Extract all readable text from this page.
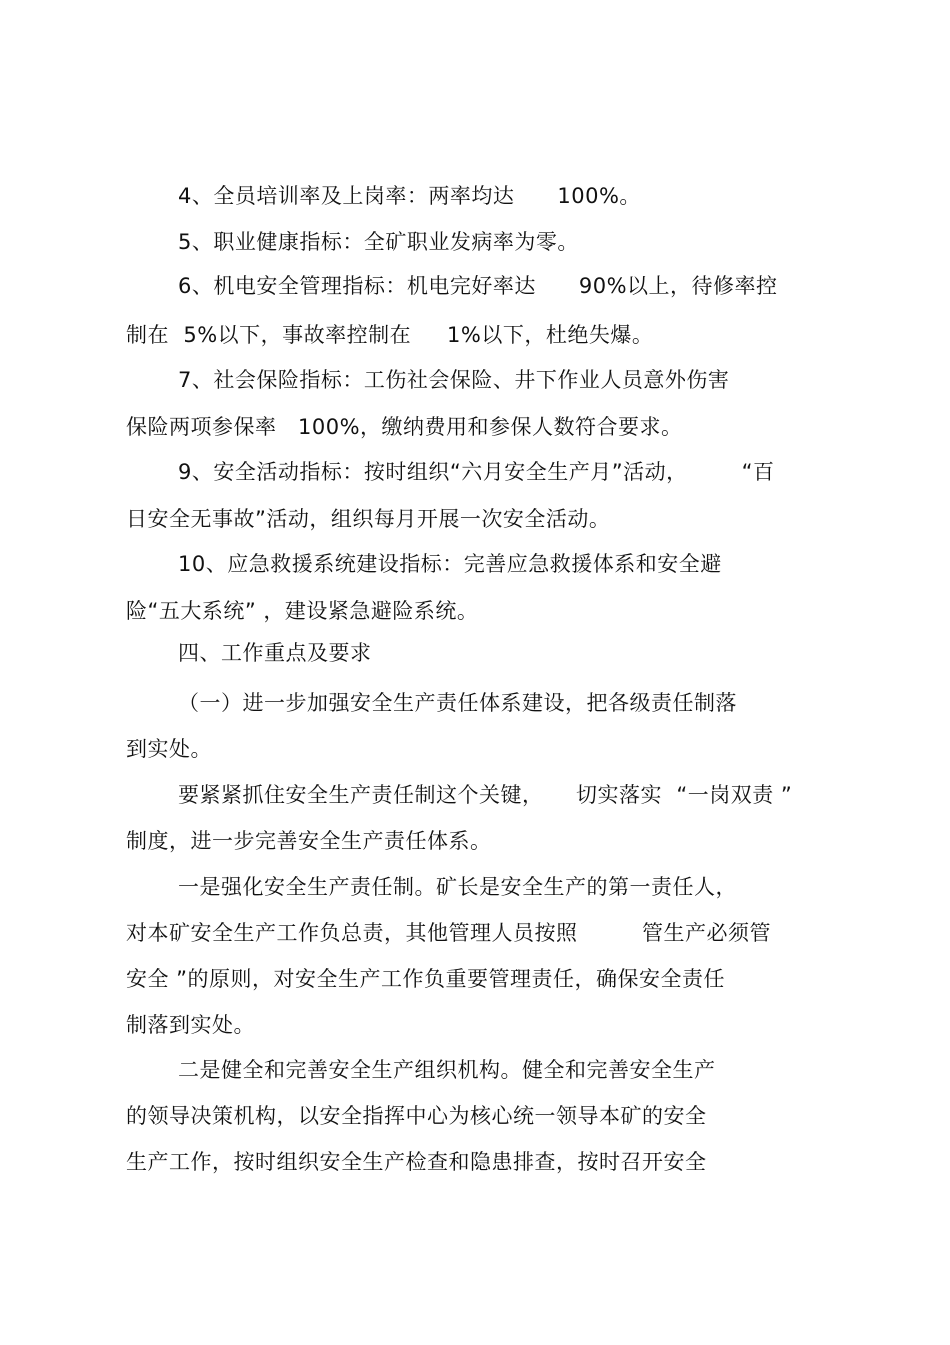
4、全员培训率及上岗率：两率均达　　100%。
5、职业健康指标：全矿职业发病率为零。
6、机电安全管理指标：机电完好率达　　90%以上，待修率控
制在  5%以下，事故率控制在　  1%以下，杜绝失爆。
7、社会保险指标：工伤社会保险、井下作业人员意外伤害
保险两项参保率　100%，缴纳费用和参保人数符合要求。
9、安全活动指标：按时组织“六月安全生产月”活动，　　　“百
日安全无事故”活动，组织每月开展一次安全活动。
10、应急救援系统建设指标：完善应急救援体系和安全避
险“五大系统” ，建设紧急避险系统。
四、工作重点及要求
（一）进一步加强安全生产责任体系建设，把各级责任制落
到实处。
要紧紧抓住安全生产责任制这个关键，　　切实落实  “一岗双责 ”
制度，进一步完善安全生产责任体系。
一是强化安全生产责任制。矿长是安全生产的第一责任人，
对本矿安全生产工作负总责，其他管理人员按照　　　管生产必须管
安全 ”的原则，对安全生产工作负重要管理责任，确保安全责任
制落到实处。
二是健全和完善安全生产组织机构。健全和完善安全生产
的领导决策机构，以安全指挥中心为核心统一领导本矿的安全
生产工作，按时组织安全生产检查和隐患排查，按时召开安全
